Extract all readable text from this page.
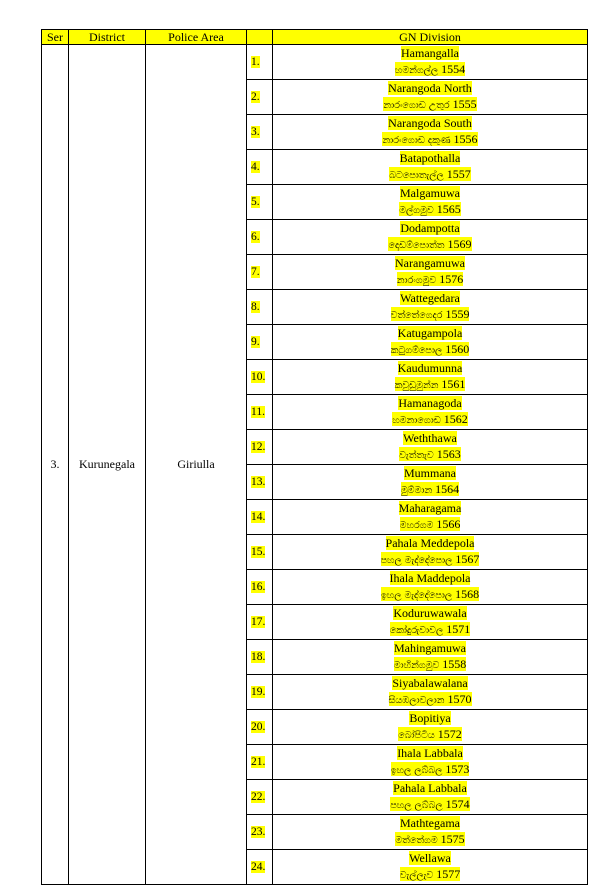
Ser	District	Police Area		GN Division
3.	Kurunegala	Giriulla	1.	Hamangalla
හමන්ගල්ල 1554
			2.	Narangoda North
නාරංගොඩ උතුර 1555
			3.	Narangoda South
නාරංගොඩ දකුණ 1556
			4.	Batapothalla
බටපොතැල්ල 1557
			5.	Malgamuwa
මල්ගමුව 1565
			6.	Dodampotta
දොඩම්පොත්ත 1569
			7.	Narangamuwa
නාරංගමුව 1576
			8.	Wattegedara
වත්තේගෙදර 1559
			9.	Katugampola
කටුගම්පොල 1560
			10.	Kaudumunna
කවුඩුමුන්න 1561
			11.	Hamanagoda
හමනාගොඩ 1562
			12.	Weththawa
වැත්තැව 1563
			13.	Mummana
මුම්මාන 1564
			14.	Maharagama
මහරගම 1566
			15.	Pahala Meddepola
පහල මැද්දේපොල 1567
			16.	Ihala Maddepola
ඉහල මැද්දේපොල 1568
			17.	Koduruwawala
කෝදුරුවාවල 1571
			18.	Mahingamuwa
මාහින්ගමුව 1558
			19.	Siyabalawalana
සියඹලාවලාන 1570
			20.	Bopitiya
බෝපිටිය 1572
			21.	Ihala Labbala
ඉහල ලබ්බල 1573
			22.	Pahala Labbala
පහල ලබ්බල 1574
			23.	Mathtegama
මත්තේගම 1575
			24.	Wellawa
වැල්ලැව 1577
